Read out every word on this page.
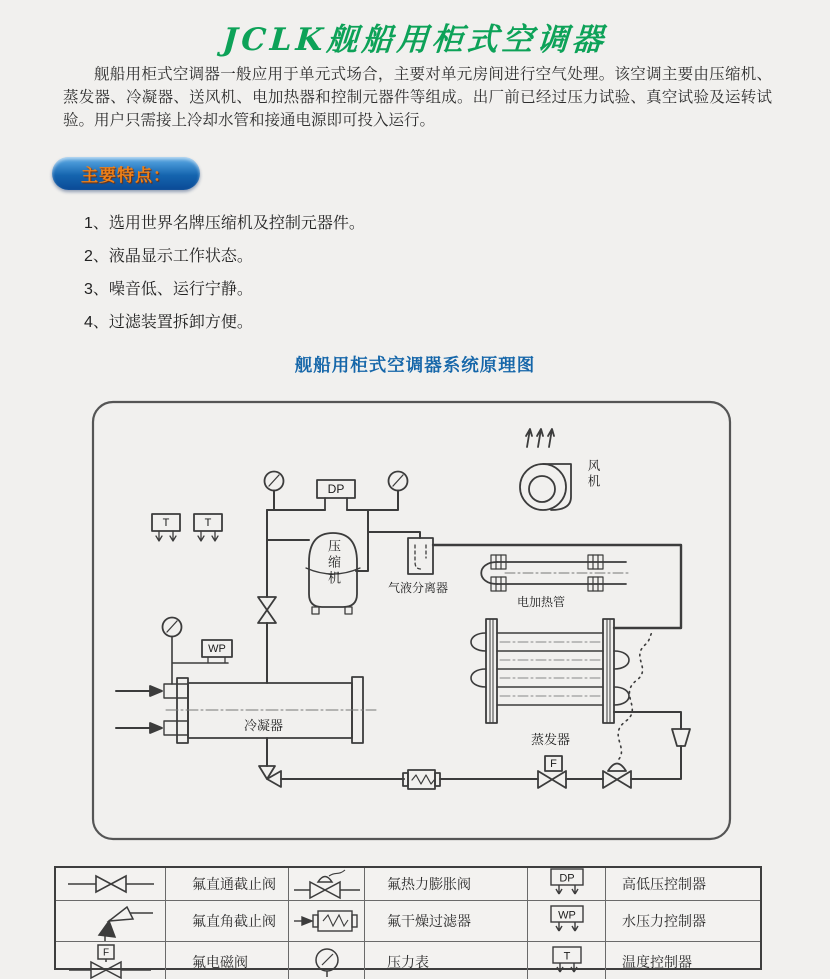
JCLK舰船用柜式空调器

舰船用柜式空调器一般应用于单元式场合，主要对单元房间进行空气处理。该空调主要由压缩机、蒸发器、冷凝器、送风机、电加热器和控制元器件等组成。出厂前已经过压力试验、真空试验及运转试验。用户只需接上冷却水管和接通电源即可投入运行。

主要特点：
1、选用世界名牌压缩机及控制元器件。
2、液晶显示工作状态。
3、噪音低、运行宁静。
4、过滤装置拆卸方便。
舰船用柜式空调器系统原理图
风机
T	T
DP
压缩机
气液分离器
电加热管
蒸发器
冷凝器
WP
F
氟直通截止阀	氟热力膨胀阀	DP	高低压控制器
氟直角截止阀	氟干燥过滤器	WP	水压力控制器
F
氟电磁阀	压力表	T	温度控制器
